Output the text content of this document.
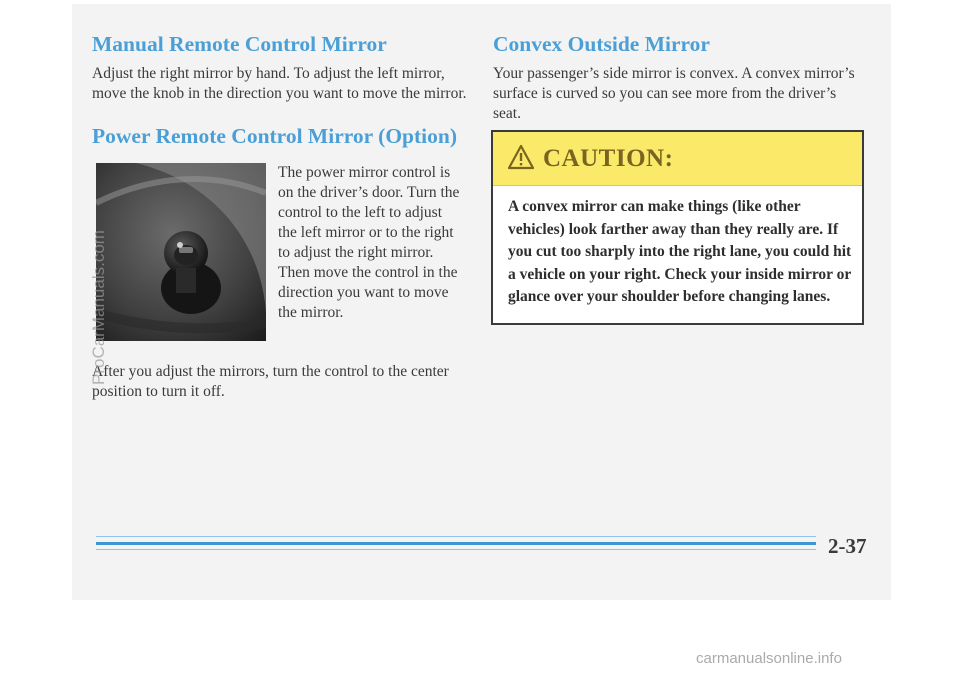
Manual Remote Control Mirror

Adjust the right mirror by hand. To adjust the left mirror, move the knob in the direction you want to move the mirror.

Power Remote Control Mirror (Option)

The power mirror control is on the driver’s door. Turn the control to the left to adjust the left mirror or to the right to adjust the right mirror. Then move the control in the direction you want to move the mirror.

After you adjust the mirrors, turn the control to the center position to turn it off.

Convex Outside Mirror

Your passenger’s side mirror is convex. A convex mirror’s surface is curved so you can see more from the driver’s seat.

CAUTION:

A convex mirror can make things (like other vehicles) look farther away than they really are. If you cut too sharply into the right lane, you could hit a vehicle on your right. Check your inside mirror or glance over your shoulder before changing lanes.

2-37
ProCarManuals.com
carmanualsonline.info
